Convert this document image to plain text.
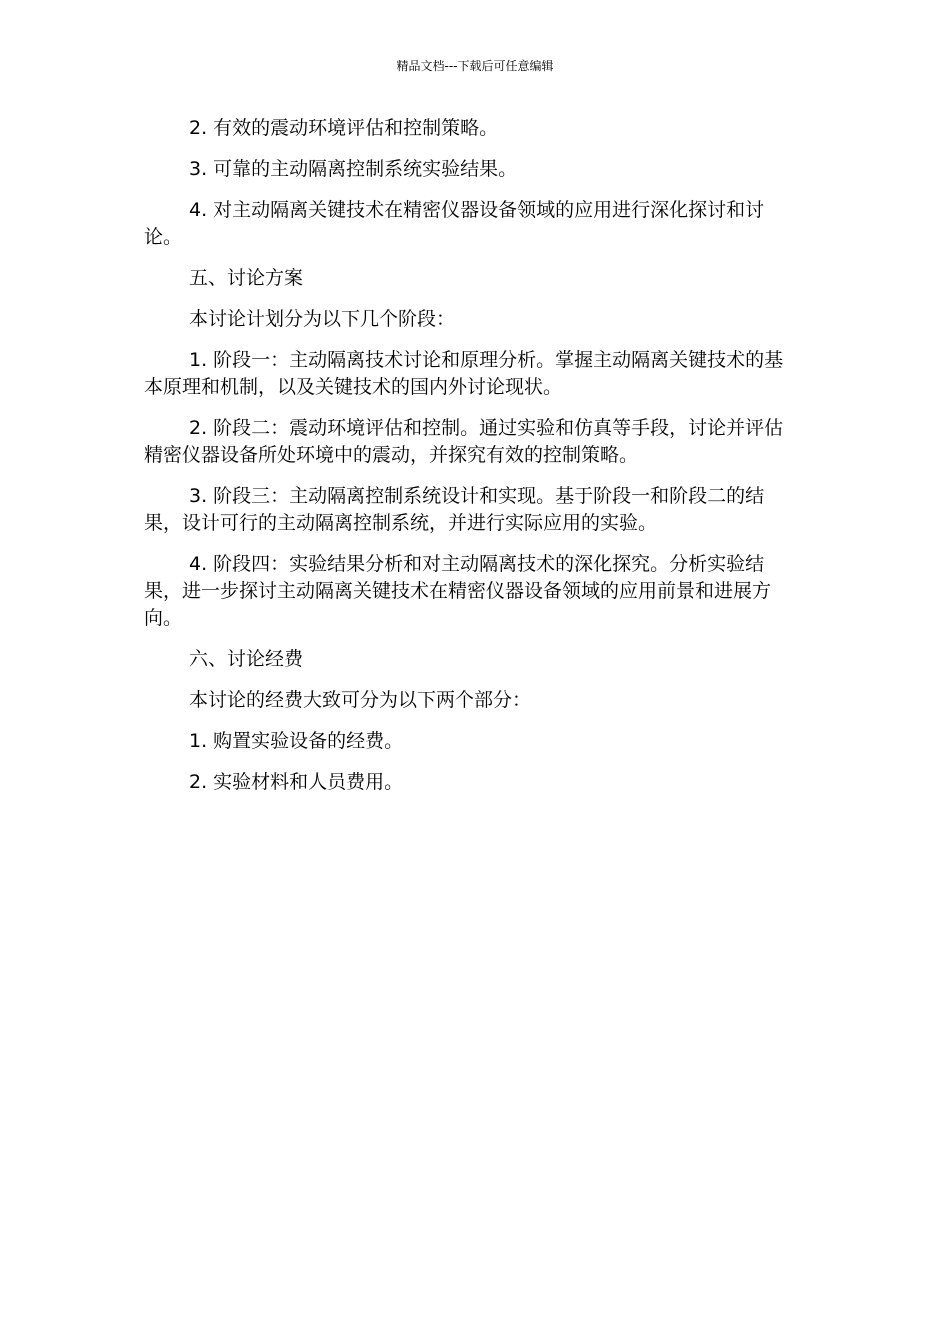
精品文档---下载后可任意编辑

2. 有效的震动环境评估和控制策略。

3. 可靠的主动隔离控制系统实验结果。

4. 对主动隔离关键技术在精密仪器设备领域的应用进行深化探讨和讨论。

五、讨论方案

本讨论计划分为以下几个阶段：

1. 阶段一：主动隔离技术讨论和原理分析。掌握主动隔离关键技术的基本原理和机制，以及关键技术的国内外讨论现状。

2. 阶段二：震动环境评估和控制。通过实验和仿真等手段，讨论并评估精密仪器设备所处环境中的震动，并探究有效的控制策略。

3. 阶段三：主动隔离控制系统设计和实现。基于阶段一和阶段二的结果，设计可行的主动隔离控制系统，并进行实际应用的实验。

4. 阶段四：实验结果分析和对主动隔离技术的深化探究。分析实验结果，进一步探讨主动隔离关键技术在精密仪器设备领域的应用前景和进展方向。

六、讨论经费

本讨论的经费大致可分为以下两个部分：

1. 购置实验设备的经费。

2. 实验材料和人员费用。
